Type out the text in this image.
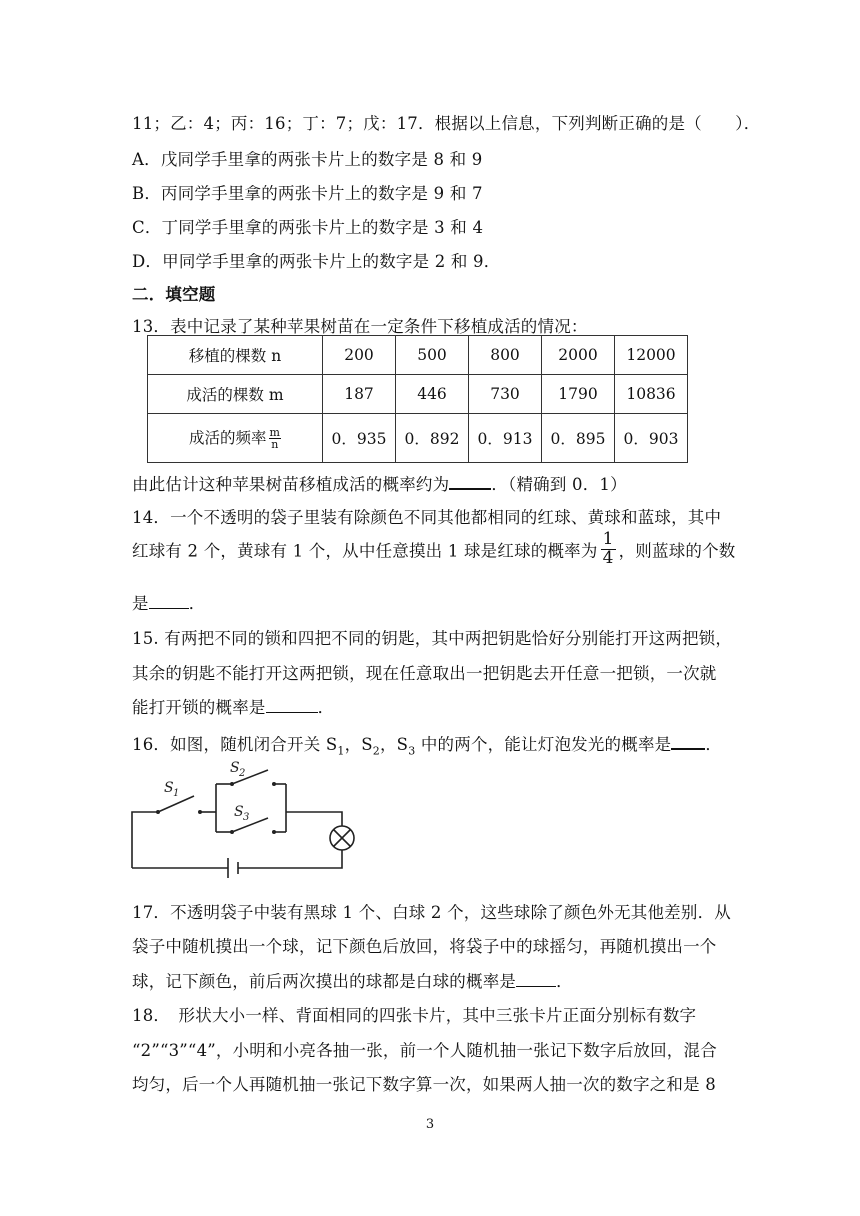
11；乙：4；丙：16；丁：7；戊：17．根据以上信息，下列判断正确的是（　　）．
A．戊同学手里拿的两张卡片上的数字是 8 和 9
B．丙同学手里拿的两张卡片上的数字是 9 和 7
C．丁同学手里拿的两张卡片上的数字是 3 和 4
D．甲同学手里拿的两张卡片上的数字是 2 和 9．
二．填空题
13．表中记录了某种苹果树苗在一定条件下移植成活的情况：
移植的棵数 n	200	500	800	2000	12000
成活的棵数 m	187	446	730	1790	10836
成活的频率 $\frac{m}{n}$	0．935	0．892	0．913	0．895	0．903
由此估计这种苹果树苗移植成活的概率约为	．（精确到 0．1）
14．一个不透明的袋子里装有除颜色不同其他都相同的红球、黄球和蓝球，其中
红球有 2 个，黄球有 1 个，从中任意摸出 1 球是红球的概率为 $\frac{1}{4}$ ，则蓝球的个数
是 ．
15. 有两把不同的锁和四把不同的钥匙，其中两把钥匙恰好分别能打开这两把锁，
其余的钥匙不能打开这两把锁，现在任意取出一把钥匙去开任意一把锁，一次就
能打开锁的概率是	．
16．如图，随机闭合开关 $S_1$，$S_2$，$S_3$ 中的两个，能让灯泡发光的概率是 ．
S 1
S 2
S 3
17．不透明袋子中装有黑球 1 个、白球 2 个，这些球除了颜色外无其他差别．从
袋子中随机摸出一个球，记下颜色后放回，将袋子中的球摇匀，再随机摸出一个
球，记下颜色，前后两次摸出的球都是白球的概率是 ．
18．　形状大小一样、背面相同的四张卡片，其中三张卡片正面分别标有数字
“2”“3”“4”，小明和小亮各抽一张，前一个人随机抽一张记下数字后放回，混合
均匀，后一个人再随机抽一张记下数字算一次，如果两人抽一次的数字之和是 8
3
